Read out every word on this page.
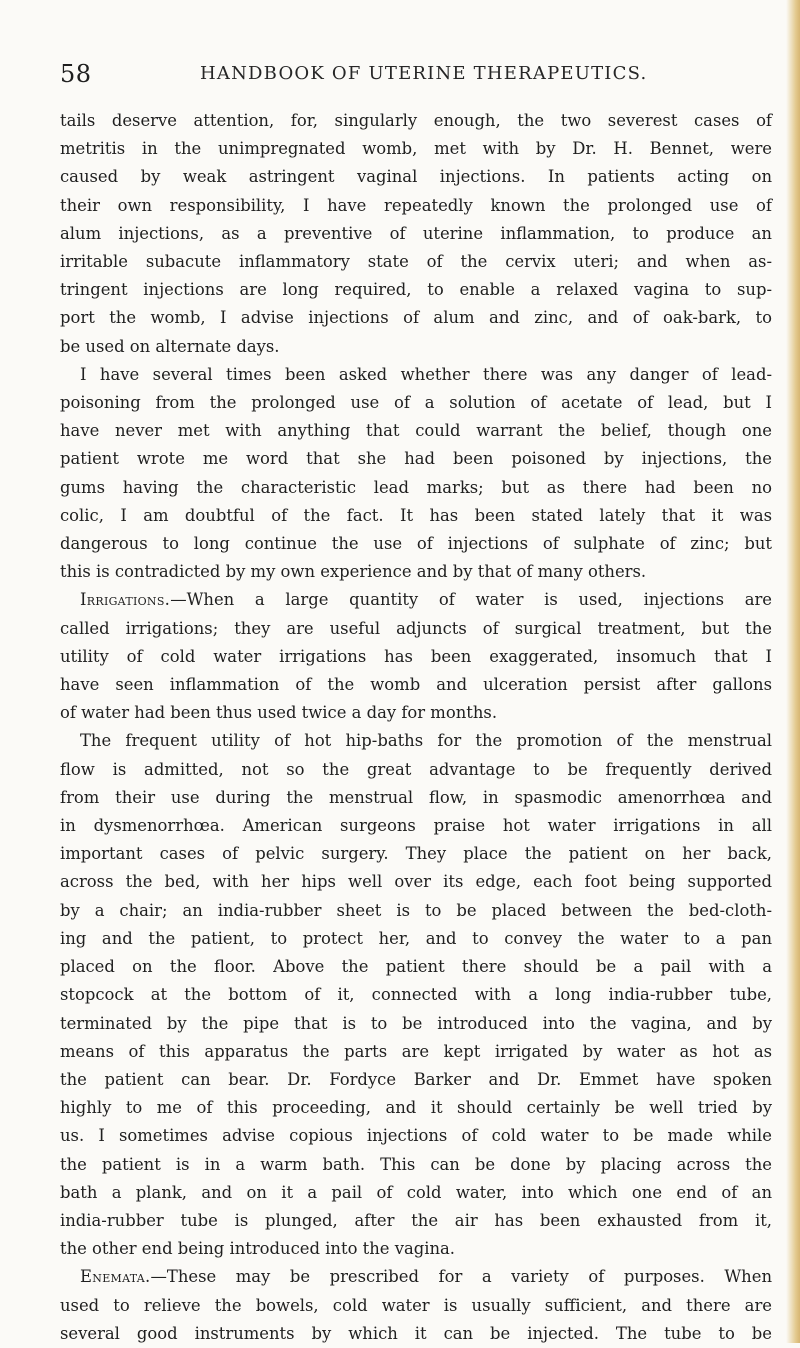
58	HANDBOOK OF UTERINE THERAPEUTICS.

tails deserve attention, for, singularly enough, the two severest cases of

metritis in the unimpregnated womb, met with by Dr. H. Bennet, were

caused by weak astringent vaginal injections. In patients acting on

their own responsibility, I have repeatedly known the prolonged use of

alum injections, as a preventive of uterine inflammation, to produce an

irritable subacute inflammatory state of the cervix uteri; and when as-

tringent injections are long required, to enable a relaxed vagina to sup-

port the womb, I advise injections of alum and zinc, and of oak-bark, to

be used on alternate days.

I have several times been asked whether there was any danger of lead-

poisoning from the prolonged use of a solution of acetate of lead, but I

have never met with anything that could warrant the belief, though one

patient wrote me word that she had been poisoned by injections, the

gums having the characteristic lead marks; but as there had been no

colic, I am doubtful of the fact. It has been stated lately that it was

dangerous to long continue the use of injections of sulphate of zinc; but

this is contradicted by my own experience and by that of many others.

Irrigations.—When a large quantity of water is used, injections are

called irrigations; they are useful adjuncts of surgical treatment, but the

utility of cold water irrigations has been exaggerated, insomuch that I

have seen inflammation of the womb and ulceration persist after gallons

of water had been thus used twice a day for months.

The frequent utility of hot hip-baths for the promotion of the menstrual

flow is admitted, not so the great advantage to be frequently derived

from their use during the menstrual flow, in spasmodic amenorrhœa and

in dysmenorrhœa. American surgeons praise hot water irrigations in all

important cases of pelvic surgery. They place the patient on her back,

across the bed, with her hips well over its edge, each foot being supported

by a chair; an india-rubber sheet is to be placed between the bed-cloth-

ing and the patient, to protect her, and to convey the water to a pan

placed on the floor. Above the patient there should be a pail with a

stopcock at the bottom of it, connected with a long india-rubber tube,

terminated by the pipe that is to be introduced into the vagina, and by

means of this apparatus the parts are kept irrigated by water as hot as

the patient can bear. Dr. Fordyce Barker and Dr. Emmet have spoken

highly to me of this proceeding, and it should certainly be well tried by

us. I sometimes advise copious injections of cold water to be made while

the patient is in a warm bath. This can be done by placing across the

bath a plank, and on it a pail of cold water, into which one end of an

india-rubber tube is plunged, after the air has been exhausted from it,

the other end being introduced into the vagina.

Enemata.—These may be prescribed for a variety of purposes. When

used to relieve the bowels, cold water is usually sufficient, and there are

several good instruments by which it can be injected. The tube to be
